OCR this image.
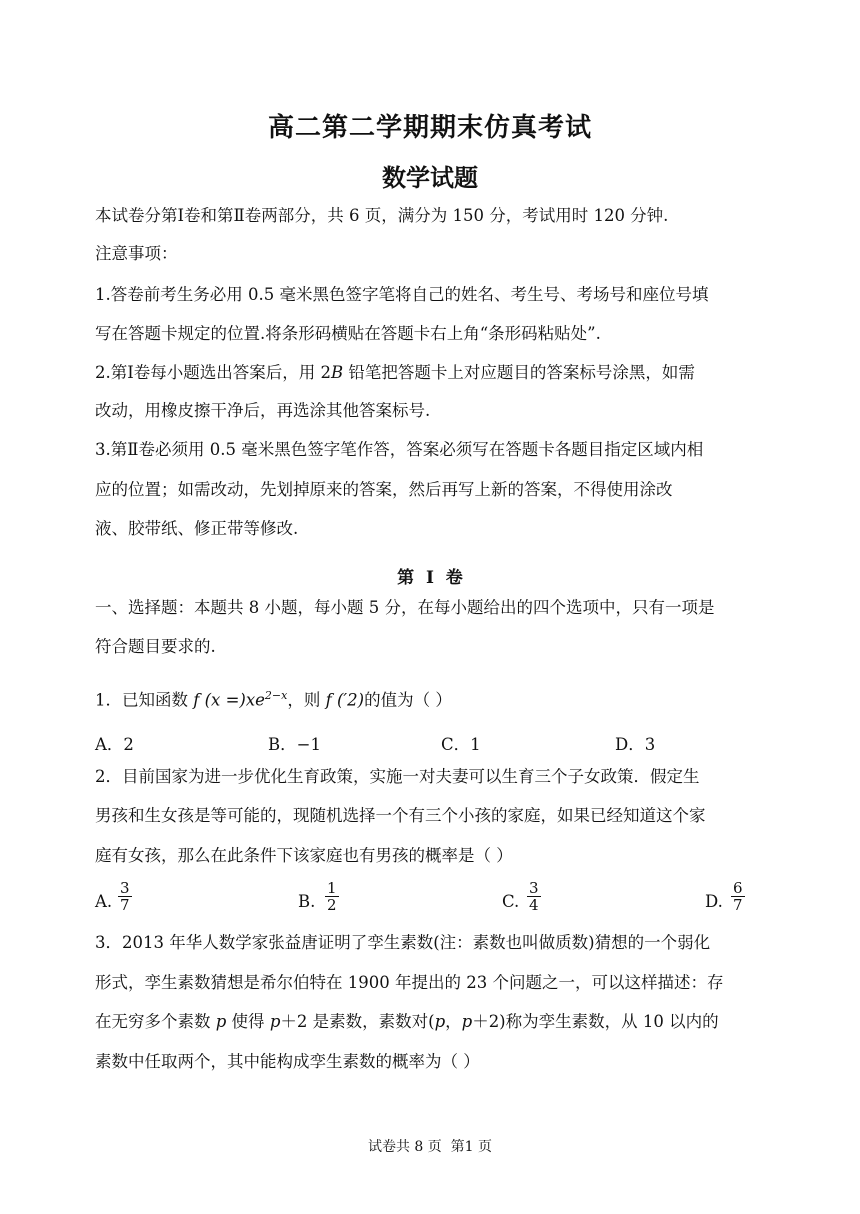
高二第二学期期末仿真考试
数学试题
本试卷分第Ⅰ卷和第Ⅱ卷两部分，共 6 页，满分为 150 分，考试用时 120 分钟.
注意事项：
1.答卷前考生务必用 0.5 毫米黑色签字笔将自己的姓名、考生号、考场号和座位号填
写在答题卡规定的位置.将条形码横贴在答题卡右上角“条形码粘贴处”.
2.第Ⅰ卷每小题选出答案后，用 2B 铅笔把答题卡上对应题目的答案标号涂黑，如需
改动，用橡皮擦干净后，再选涂其他答案标号.
3.第Ⅱ卷必须用 0.5 毫米黑色签字笔作答，答案必须写在答题卡各题目指定区域内相
应的位置；如需改动，先划掉原来的答案，然后再写上新的答案，不得使用涂改
液、胶带纸、修正带等修改.
第  Ⅰ  卷
一、选择题：本题共 8 小题，每小题 5 分，在每小题给出的四个选项中，只有一项是
符合题目要求的.
1．已知函数 f $(x =)xe^{2-x}$，则 f (′2)的值为（ ）
A．2	B．−1	C．1	D．3
2．目前国家为进一步优化生育政策，实施一对夫妻可以生育三个子女政策．假定生
男孩和生女孩是等可能的，现随机选择一个有三个小孩的家庭，如果已经知道这个家
庭有女孩，那么在此条件下该家庭也有男孩的概率是（ ）
A. $\frac{3}{7}$	B. $\frac{1}{2}$	C. $\frac{3}{4}$	D. $\frac{6}{7}$
3．2013 年华人数学家张益唐证明了孪生素数(注：素数也叫做质数)猜想的一个弱化
形式，孪生素数猜想是希尔伯特在 1900 年提出的 23 个问题之一，可以这样描述：存
在无穷多个素数 p 使得 p＋2 是素数，素数对(p，p＋2)称为孪生素数，从 10 以内的
素数中任取两个，其中能构成孪生素数的概率为（ ）
试卷共 8 页  第1 页
